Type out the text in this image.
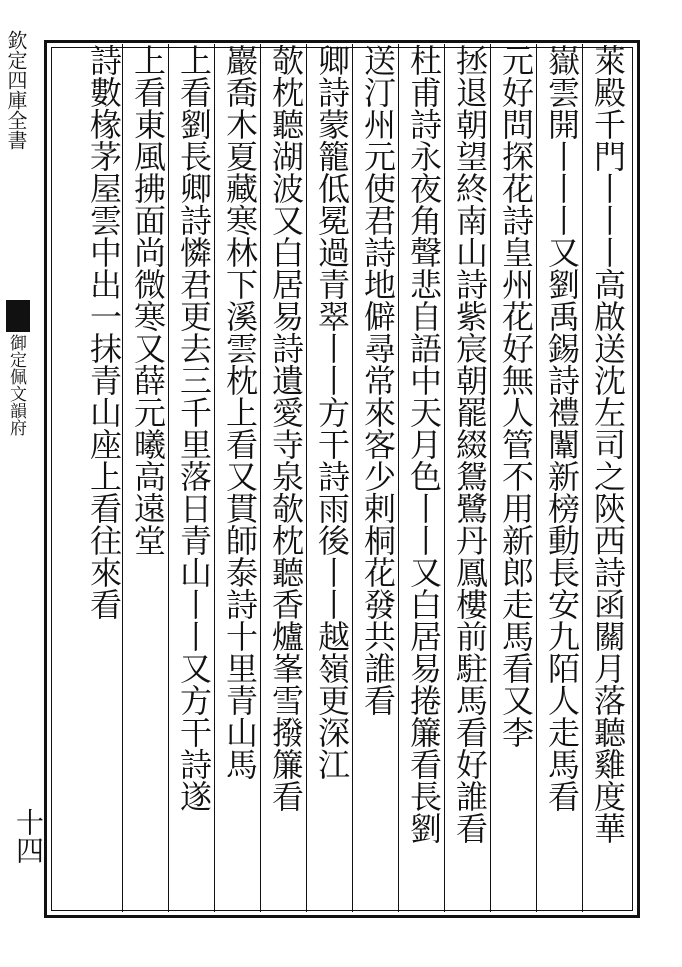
欽定四庫全書
御定佩文韻府
十四	萊殿千門丨丨丨高啟送沈左司之陝西詩函關月落聽雞度華
嶽雲開丨丨丨又劉禹錫詩禮闈新榜動長安九陌人走馬看
元好問探花詩皇州花好無人管不用新郎走馬看又李
拯退朝望終南山詩紫宸朝罷綴鴛鷺丹鳳樓前駐馬看好誰看
杜甫詩永夜角聲悲自語中天月色丨丨又白居易捲簾看長劉
送汀州元使君詩地僻尋常來客少剌桐花發共誰看
卿詩蒙籠低冕過青翠丨丨方干詩雨後丨丨越嶺更深江
欹枕聽湖波又白居易詩遺愛寺泉欹枕聽香爐峯雪撥簾看
巖喬木夏藏寒林下溪雲枕上看又貫師泰詩十里青山馬
上看劉長卿詩憐君更去三千里落日青山丨丨又方干詩遂
上看東風拂面尚微寒又薛元曦高遠堂
詩數椽茅屋雲中出一抹青山座上看往來看
